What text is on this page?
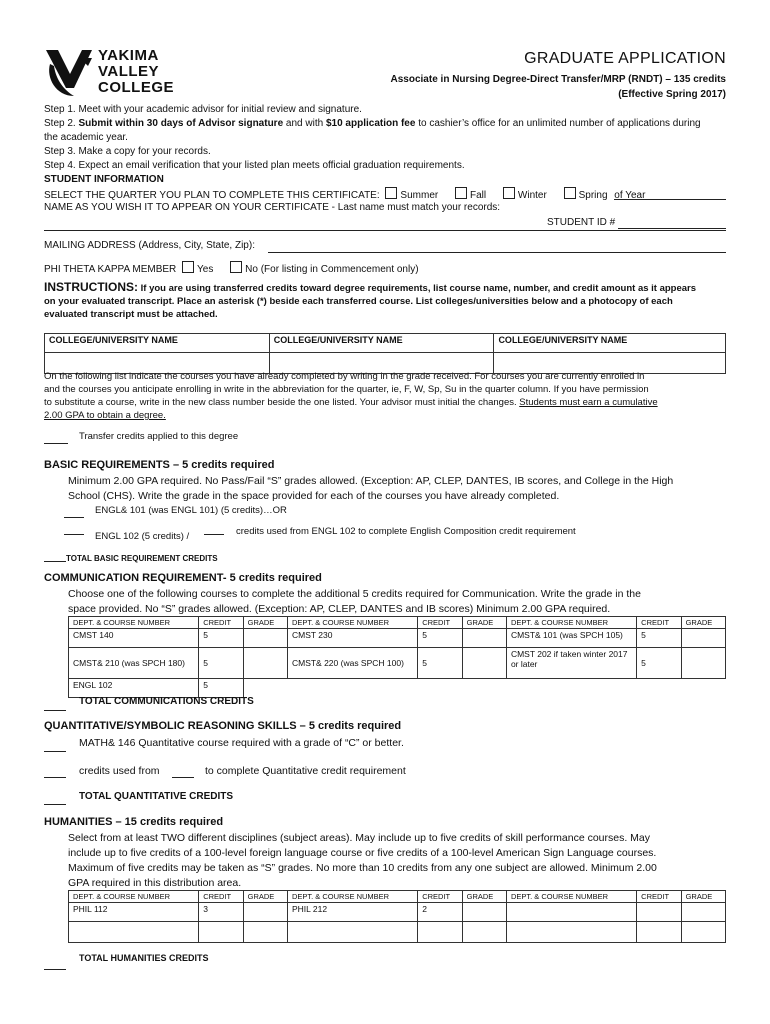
YAKIMA
VALLEY
COLLEGE
GRADUATE APPLICATION
Associate in Nursing Degree-Direct Transfer/MRP (RNDT) – 135 credits
(Effective Spring 2017)
Step 1. Meet with your academic advisor for initial review and signature.
Step 2. Submit within 30 days of Advisor signature and with $10 application fee to cashier’s office for an unlimited number of applications during
the academic year.
Step 3. Make a copy for your records.
Step 4. Expect an email verification that your listed plan meets official graduation requirements.
STUDENT INFORMATION
SELECT THE QUARTER YOU PLAN TO COMPLETE THIS CERTIFICATE: Summer	Fall	Winter	Spring of Year
NAME AS YOU WISH IT TO APPEAR ON YOUR CERTIFICATE - Last name must match your records:
STUDENT ID #
MAILING ADDRESS (Address, City, State, Zip):
PHI THETA KAPPA MEMBER Yes	No (For listing in Commencement only)
INSTRUCTIONS: If you are using transferred credits toward degree requirements, list course name, number, and credit amount as it appears
on your evaluated transcript. Place an asterisk (*) beside each transferred course. List colleges/universities below and a photocopy of each
evaluated transcript must be attached.
COLLEGE/UNIVERSITY NAME	COLLEGE/UNIVERSITY NAME	COLLEGE/UNIVERSITY NAME

On the following list indicate the courses you have already completed by writing in the grade received. For courses you are currently enrolled in
and the courses you anticipate enrolling in write in the abbreviation for the quarter, ie, F, W, Sp, Su in the quarter column. If you have permission
to substitute a course, write in the new class number beside the one listed. Your advisor must initial the changes. Students must earn a cumulative
2.00 GPA to obtain a degree.
Transfer credits applied to this degree
BASIC REQUIREMENTS – 5 credits required
Minimum 2.00 GPA required. No Pass/Fail “S” grades allowed. (Exception: AP, CLEP, DANTES, IB scores, and College in the High
School (CHS). Write the grade in the space provided for each of the courses you have already completed.
ENGL& 101 (was ENGL 101) (5 credits)…OR
ENGL 102 (5 credits) /	credits used from ENGL 102 to complete English Composition credit requirement
TOTAL BASIC REQUIREMENT CREDITS
COMMUNICATION REQUIREMENT- 5 credits required
Choose one of the following courses to complete the additional 5 credits required for Communication. Write the grade in the
space provided. No “S” grades allowed. (Exception: AP, CLEP, DANTES and IB scores) Minimum 2.00 GPA required.
DEPT. & COURSE NUMBER	CREDIT	GRADE	DEPT. & COURSE NUMBER	CREDIT	GRADE	DEPT. & COURSE NUMBER	CREDIT	GRADE
CMST 140	5		CMST 230	5		CMST& 101 (was SPCH 105)	5	
CMST& 210 (was SPCH 180)	5		CMST& 220 (was SPCH 100)	5		CMST 202 if taken winter 2017 or later	5	
ENGL 102	5							
TOTAL COMMUNICATIONS CREDITS
QUANTITATIVE/SYMBOLIC REASONING SKILLS – 5 credits required
MATH& 146 Quantitative course required with a grade of “C” or better.
credits used from	to complete Quantitative credit requirement
TOTAL QUANTITATIVE CREDITS
HUMANITIES – 15 credits required
Select from at least TWO different disciplines (subject areas). May include up to five credits of skill performance courses. May
include up to five credits of a 100-level foreign language course or five credits of a 100-level American Sign Language courses.
Maximum of five credits may be taken as “S” grades. No more than 10 credits from any one subject are allowed. Minimum 2.00
GPA required in this distribution area.
DEPT. & COURSE NUMBER	CREDIT	GRADE	DEPT. & COURSE NUMBER	CREDIT	GRADE	DEPT. & COURSE NUMBER	CREDIT	GRADE
PHIL 112	3		PHIL 212	2				

TOTAL HUMANITIES CREDITS
